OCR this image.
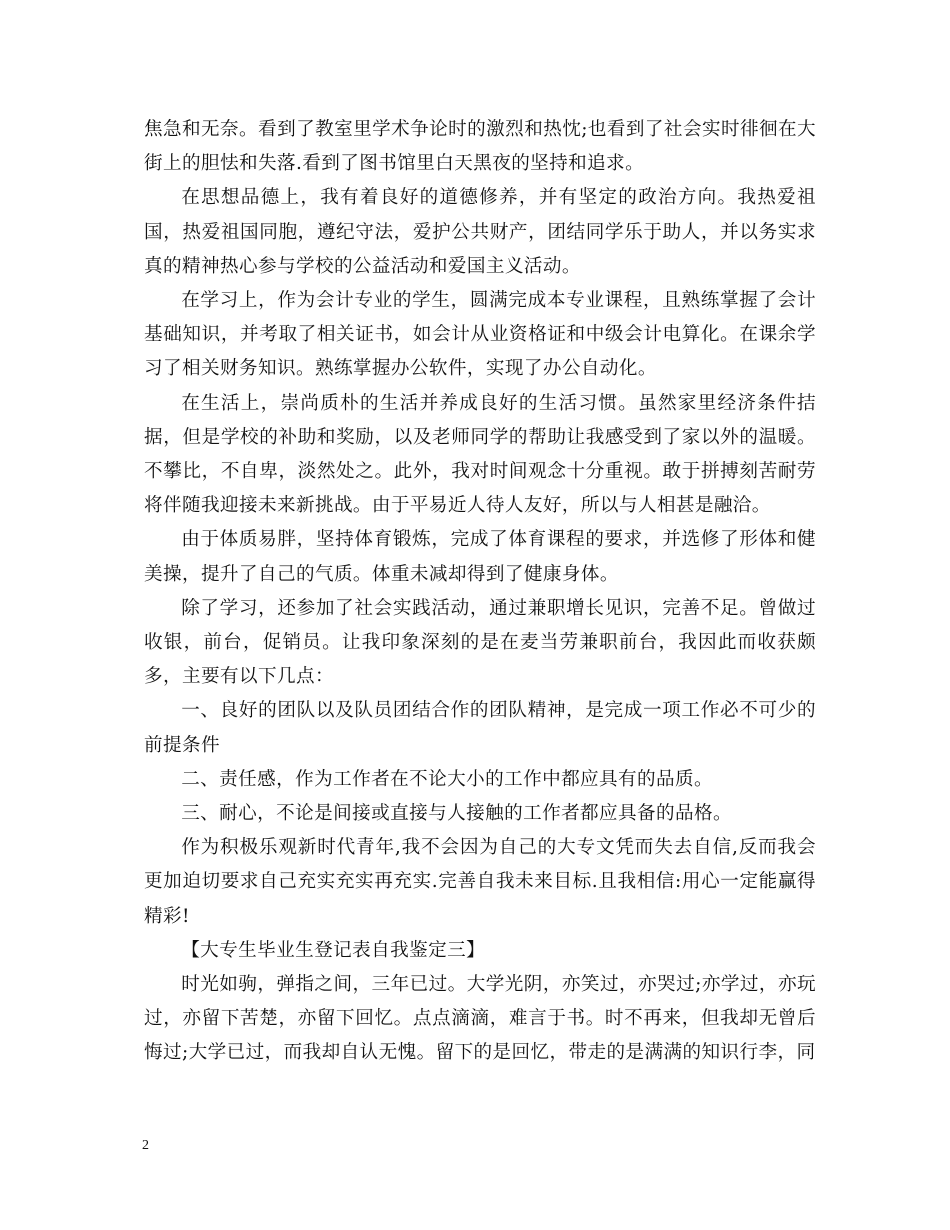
焦急和无奈。看到了教室里学术争论时的激烈和热忱;也看到了社会实时徘徊在大街上的胆怯和失落.看到了图书馆里白天黑夜的坚持和追求。

在思想品德上，我有着良好的道德修养，并有坚定的政治方向。我热爱祖国，热爱祖国同胞，遵纪守法，爱护公共财产，团结同学乐于助人，并以务实求真的精神热心参与学校的公益活动和爱国主义活动。

在学习上，作为会计专业的学生，圆满完成本专业课程，且熟练掌握了会计基础知识，并考取了相关证书，如会计从业资格证和中级会计电算化。在课余学习了相关财务知识。熟练掌握办公软件，实现了办公自动化。

在生活上，崇尚质朴的生活并养成良好的生活习惯。虽然家里经济条件拮据，但是学校的补助和奖励，以及老师同学的帮助让我感受到了家以外的温暖。不攀比，不自卑，淡然处之。此外，我对时间观念十分重视。敢于拼搏刻苦耐劳将伴随我迎接未来新挑战。由于平易近人待人友好，所以与人相甚是融洽。

由于体质易胖，坚持体育锻炼，完成了体育课程的要求，并选修了形体和健美操，提升了自己的气质。体重未减却得到了健康身体。

除了学习，还参加了社会实践活动，通过兼职增长见识，完善不足。曾做过收银，前台，促销员。让我印象深刻的是在麦当劳兼职前台，我因此而收获颇多，主要有以下几点：

一、良好的团队以及队员团结合作的团队精神，是完成一项工作必不可少的前提条件

二、责任感，作为工作者在不论大小的工作中都应具有的品质。

三、耐心，不论是间接或直接与人接触的工作者都应具备的品格。

作为积极乐观新时代青年,我不会因为自己的大专文凭而失去自信,反而我会更加迫切要求自己充实充实再充实.完善自我未来目标.且我相信:用心一定能赢得精彩!

【大专生毕业生登记表自我鉴定三】

时光如驹，弹指之间，三年已过。大学光阴，亦笑过，亦哭过;亦学过，亦玩过，亦留下苦楚，亦留下回忆。点点滴滴，难言于书。时不再来，但我却无曾后悔过;大学已过，而我却自认无愧。留下的是回忆，带走的是满满的知识行李，同

2
